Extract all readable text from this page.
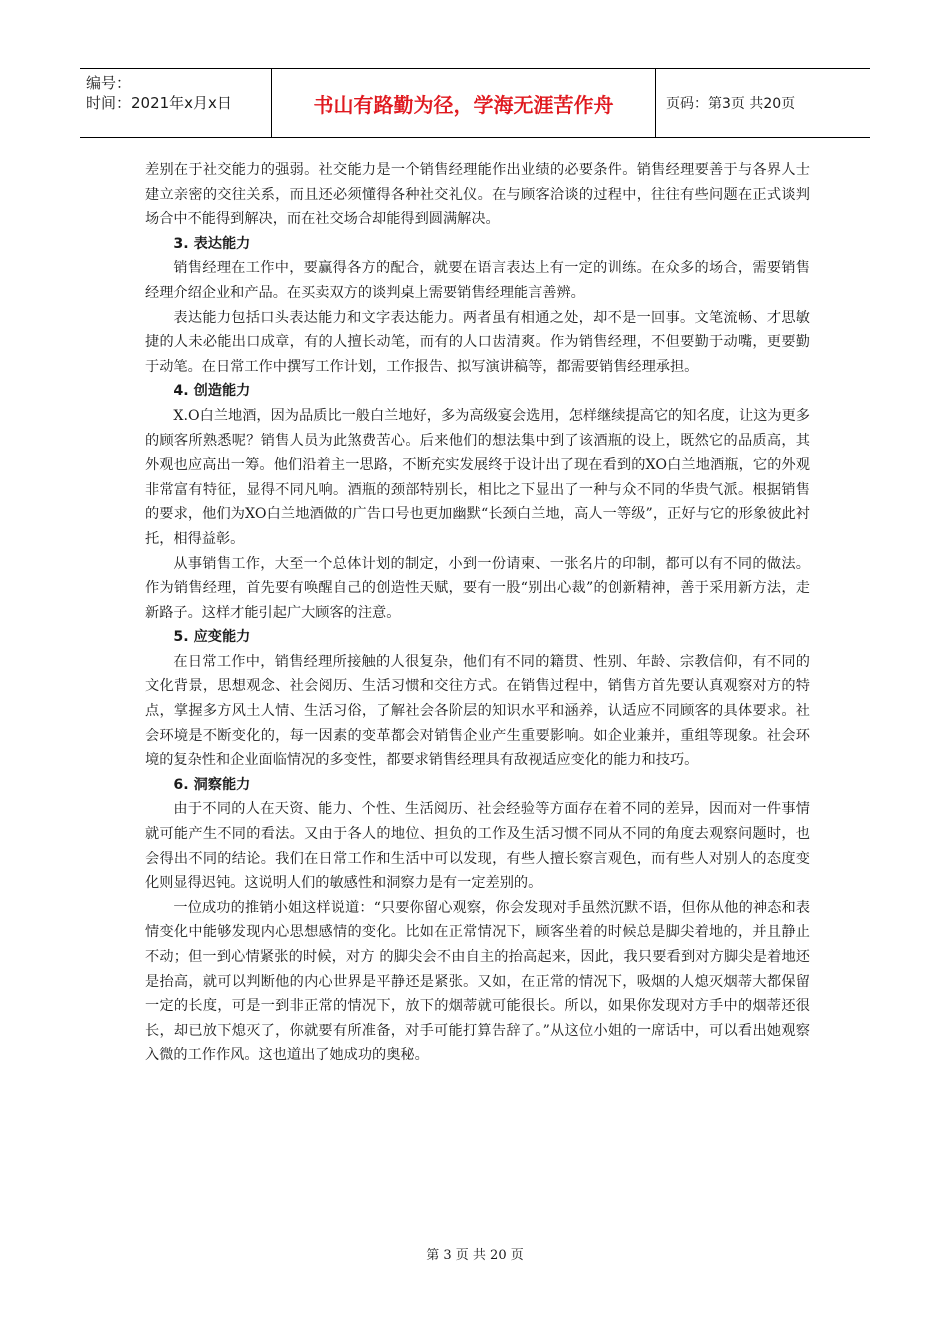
编号：
时间：2021年x月x日	书山有路勤为径，学海无涯苦作舟	页码：第3页 共20页

差别在于社交能力的强弱。社交能力是一个销售经理能作出业绩的必要条件。销售经理要善于与各界人士建立亲密的交往关系，而且还必须懂得各种社交礼仪。在与顾客洽谈的过程中，往往有些问题在正式谈判场合中不能得到解决，而在社交场合却能得到圆满解决。

3. 表达能力

销售经理在工作中，要赢得各方的配合，就要在语言表达上有一定的训练。在众多的场合，需要销售经理介绍企业和产品。在买卖双方的谈判桌上需要销售经理能言善辨。

表达能力包括口头表达能力和文字表达能力。两者虽有相通之处，却不是一回事。文笔流畅、才思敏捷的人未必能出口成章，有的人擅长动笔，而有的人口齿清爽。作为销售经理，不但要勤于动嘴，更要勤于动笔。在日常工作中撰写工作计划，工作报告、拟写演讲稿等，都需要销售经理承担。

4. 创造能力

X.O白兰地酒，因为品质比一般白兰地好，多为高级宴会选用，怎样继续提高它的知名度，让这为更多的顾客所熟悉呢？销售人员为此煞费苦心。后来他们的想法集中到了该酒瓶的设上，既然它的品质高，其外观也应高出一筹。他们沿着主一思路，不断充实发展终于设计出了现在看到的XO白兰地酒瓶，它的外观非常富有特征，显得不同凡响。酒瓶的颈部特别长，相比之下显出了一种与众不同的华贵气派。根据销售的要求，他们为XO白兰地酒做的广告口号也更加幽默“长颈白兰地，高人一等级”，正好与它的形象彼此衬托，相得益彰。

从事销售工作，大至一个总体计划的制定，小到一份请柬、一张名片的印制，都可以有不同的做法。作为销售经理，首先要有唤醒自己的创造性天赋，要有一股“别出心裁”的创新精神，善于采用新方法，走新路子。这样才能引起广大顾客的注意。

5. 应变能力

在日常工作中，销售经理所接触的人很复杂，他们有不同的籍贯、性别、年龄、宗教信仰，有不同的文化背景，思想观念、社会阅历、生活习惯和交往方式。在销售过程中，销售方首先要认真观察对方的特点，掌握多方风土人情、生活习俗，了解社会各阶层的知识水平和涵养，认适应不同顾客的具体要求。社会环境是不断变化的，每一因素的变革都会对销售企业产生重要影响。如企业兼并，重组等现象。社会环境的复杂性和企业面临情况的多变性，都要求销售经理具有敌视适应变化的能力和技巧。

6. 洞察能力

由于不同的人在天资、能力、个性、生活阅历、社会经验等方面存在着不同的差异，因而对一件事情就可能产生不同的看法。又由于各人的地位、担负的工作及生活习惯不同从不同的角度去观察问题时，也会得出不同的结论。我们在日常工作和生活中可以发现，有些人擅长察言观色，而有些人对别人的态度变化则显得迟钝。这说明人们的敏感性和洞察力是有一定差别的。

一位成功的推销小姐这样说道：“只要你留心观察，你会发现对手虽然沉默不语，但你从他的神态和表情变化中能够发现内心思想感情的变化。比如在正常情况下，顾客坐着的时候总是脚尖着地的，并且静止不动；但一到心情紧张的时候，对方 的脚尖会不由自主的抬高起来，因此，我只要看到对方脚尖是着地还是抬高，就可以判断他的内心世界是平静还是紧张。又如，在正常的情况下，吸烟的人熄灭烟蒂大都保留一定的长度，可是一到非正常的情况下，放下的烟蒂就可能很长。所以，如果你发现对方手中的烟蒂还很长，却已放下熄灭了，你就要有所准备，对手可能打算告辞了。”从这位小姐的一席话中，可以看出她观察入微的工作作风。这也道出了她成功的奥秘。

第 3 页 共 20 页
